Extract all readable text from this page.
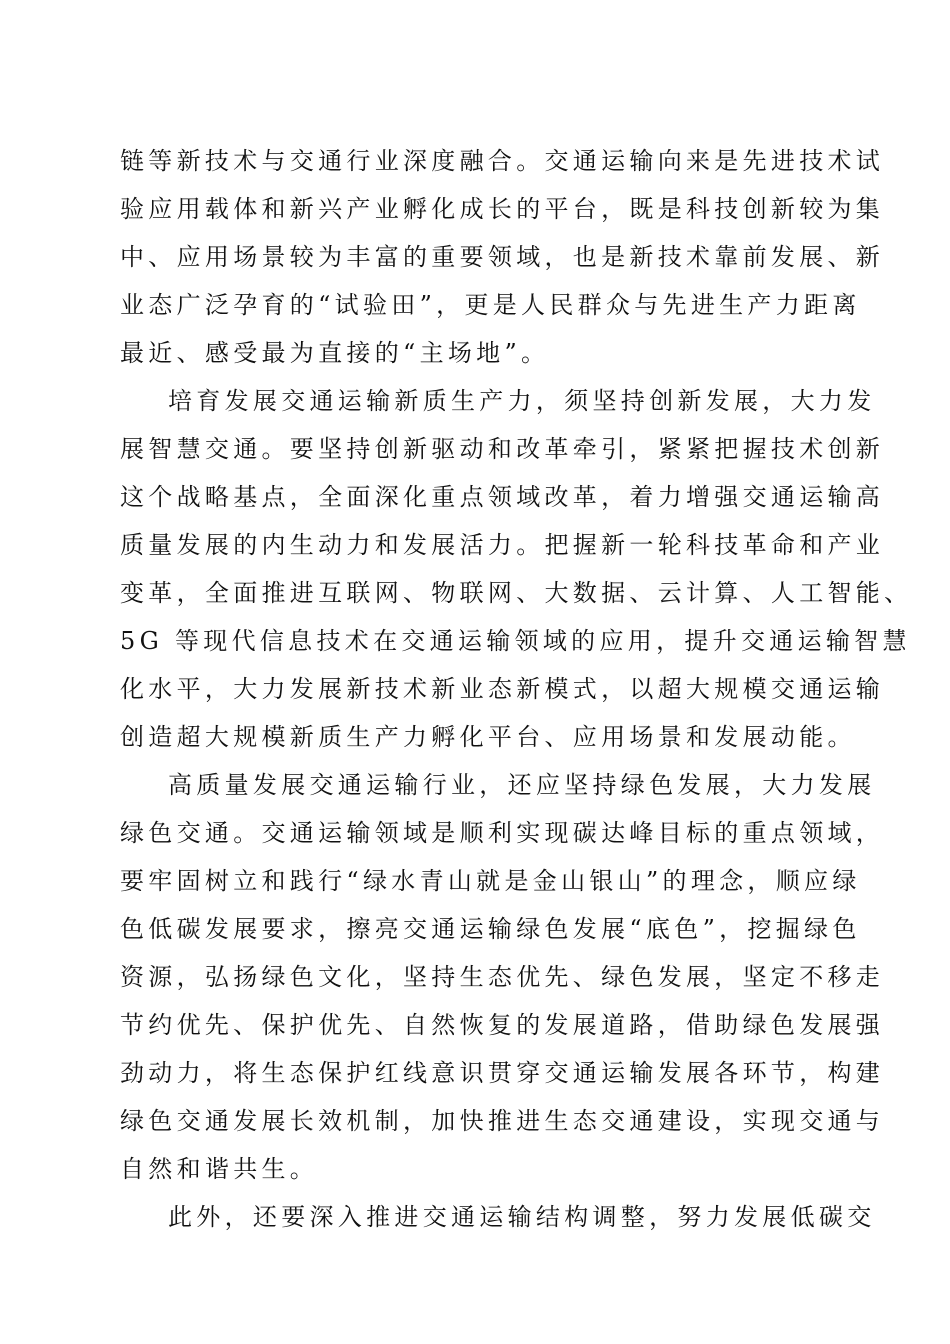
链等新技术与交通行业深度融合。交通运输向来是先进技术试
验应用载体和新兴产业孵化成长的平台，既是科技创新较为集
中、应用场景较为丰富的重要领域，也是新技术靠前发展、新
业态广泛孕育的“试验田”，更是人民群众与先进生产力距离
最近、感受最为直接的“主场地”。
培育发展交通运输新质生产力，须坚持创新发展，大力发
展智慧交通。要坚持创新驱动和改革牵引，紧紧把握技术创新
这个战略基点，全面深化重点领域改革，着力增强交通运输高
质量发展的内生动力和发展活力。把握新一轮科技革命和产业
变革，全面推进互联网、物联网、大数据、云计算、人工智能、
5G 等现代信息技术在交通运输领域的应用，提升交通运输智慧
化水平，大力发展新技术新业态新模式，以超大规模交通运输
创造超大规模新质生产力孵化平台、应用场景和发展动能。
高质量发展交通运输行业，还应坚持绿色发展，大力发展
绿色交通。交通运输领域是顺利实现碳达峰目标的重点领域，
要牢固树立和践行“绿水青山就是金山银山”的理念，顺应绿
色低碳发展要求，擦亮交通运输绿色发展“底色”，挖掘绿色
资源，弘扬绿色文化，坚持生态优先、绿色发展，坚定不移走
节约优先、保护优先、自然恢复的发展道路，借助绿色发展强
劲动力，将生态保护红线意识贯穿交通运输发展各环节，构建
绿色交通发展长效机制，加快推进生态交通建设，实现交通与
自然和谐共生。
此外，还要深入推进交通运输结构调整，努力发展低碳交
